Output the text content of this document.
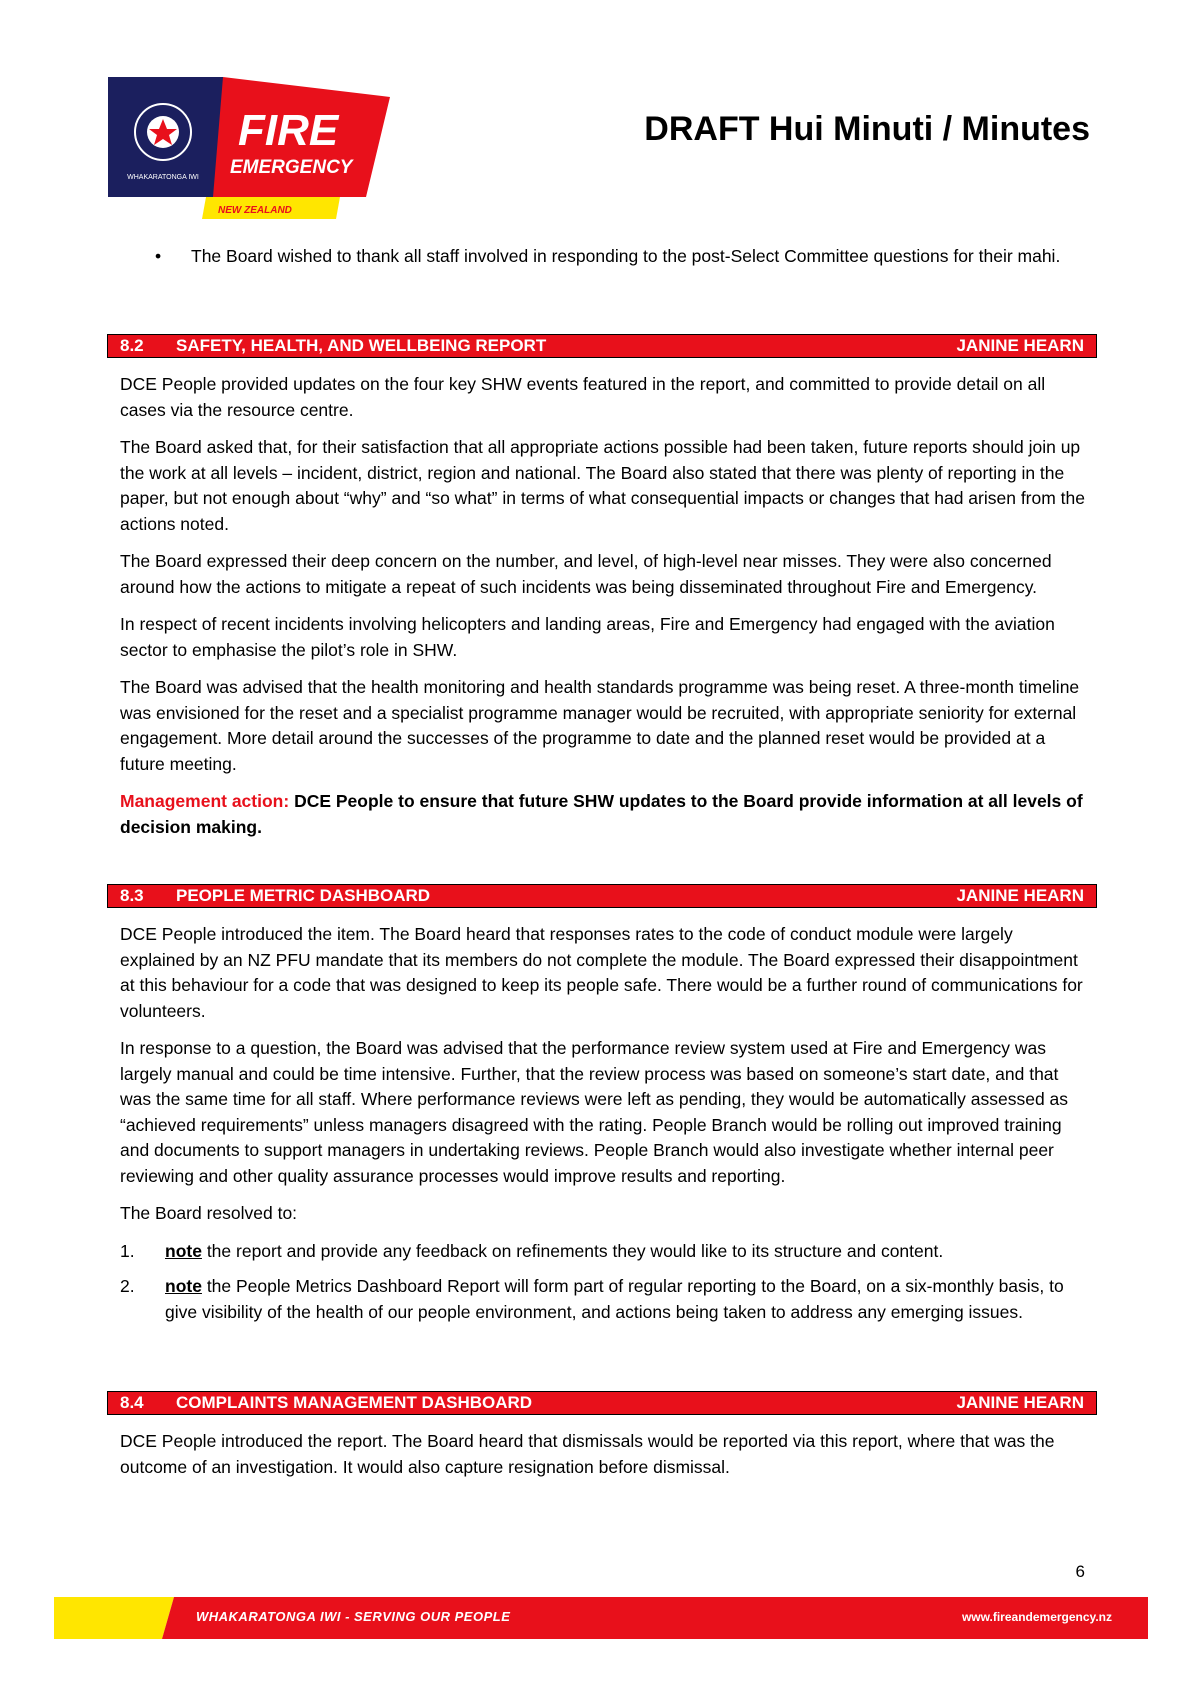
WHAKARATONGA IWI
FIRE
EMERGENCY
NEW ZEALAND
DRAFT Hui Minuti / Minutes
• The Board wished to thank all staff involved in responding to the post-Select Committee questions for their mahi.
8.2 SAFETY, HEALTH, AND WELLBEING REPORT	JANINE HEARN

DCE People provided updates on the four key SHW events featured in the report, and committed to provide detail on all cases via the resource centre.

The Board asked that, for their satisfaction that all appropriate actions possible had been taken, future reports should join up the work at all levels – incident, district, region and national. The Board also stated that there was plenty of reporting in the paper, but not enough about “why” and “so what” in terms of what consequential impacts or changes that had arisen from the actions noted.

The Board expressed their deep concern on the number, and level, of high-level near misses. They were also concerned around how the actions to mitigate a repeat of such incidents was being disseminated throughout Fire and Emergency.

In respect of recent incidents involving helicopters and landing areas, Fire and Emergency had engaged with the aviation sector to emphasise the pilot’s role in SHW.

The Board was advised that the health monitoring and health standards programme was being reset. A three-month timeline was envisioned for the reset and a specialist programme manager would be recruited, with appropriate seniority for external engagement. More detail around the successes of the programme to date and the planned reset would be provided at a future meeting.

Management action: DCE People to ensure that future SHW updates to the Board provide information at all levels of decision making.

8.3 PEOPLE METRIC DASHBOARD	JANINE HEARN

DCE People introduced the item. The Board heard that responses rates to the code of conduct module were largely explained by an NZ PFU mandate that its members do not complete the module. The Board expressed their disappointment at this behaviour for a code that was designed to keep its people safe. There would be a further round of communications for volunteers.

In response to a question, the Board was advised that the performance review system used at Fire and Emergency was largely manual and could be time intensive. Further, that the review process was based on someone’s start date, and that was the same time for all staff. Where performance reviews were left as pending, they would be automatically assessed as “achieved requirements” unless managers disagreed with the rating. People Branch would be rolling out improved training and documents to support managers in undertaking reviews. People Branch would also investigate whether internal peer reviewing and other quality assurance processes would improve results and reporting.

The Board resolved to:

1. note the report and provide any feedback on refinements they would like to its structure and content.
2. note the People Metrics Dashboard Report will form part of regular reporting to the Board, on a six-monthly basis, to give visibility of the health of our people environment, and actions being taken to address any emerging issues.
8.4 COMPLAINTS MANAGEMENT DASHBOARD	JANINE HEARN

DCE People introduced the report. The Board heard that dismissals would be reported via this report, where that was the outcome of an investigation. It would also capture resignation before dismissal.

6
WHAKARATONGA IWI - SERVING OUR PEOPLE	www.fireandemergency.nz
